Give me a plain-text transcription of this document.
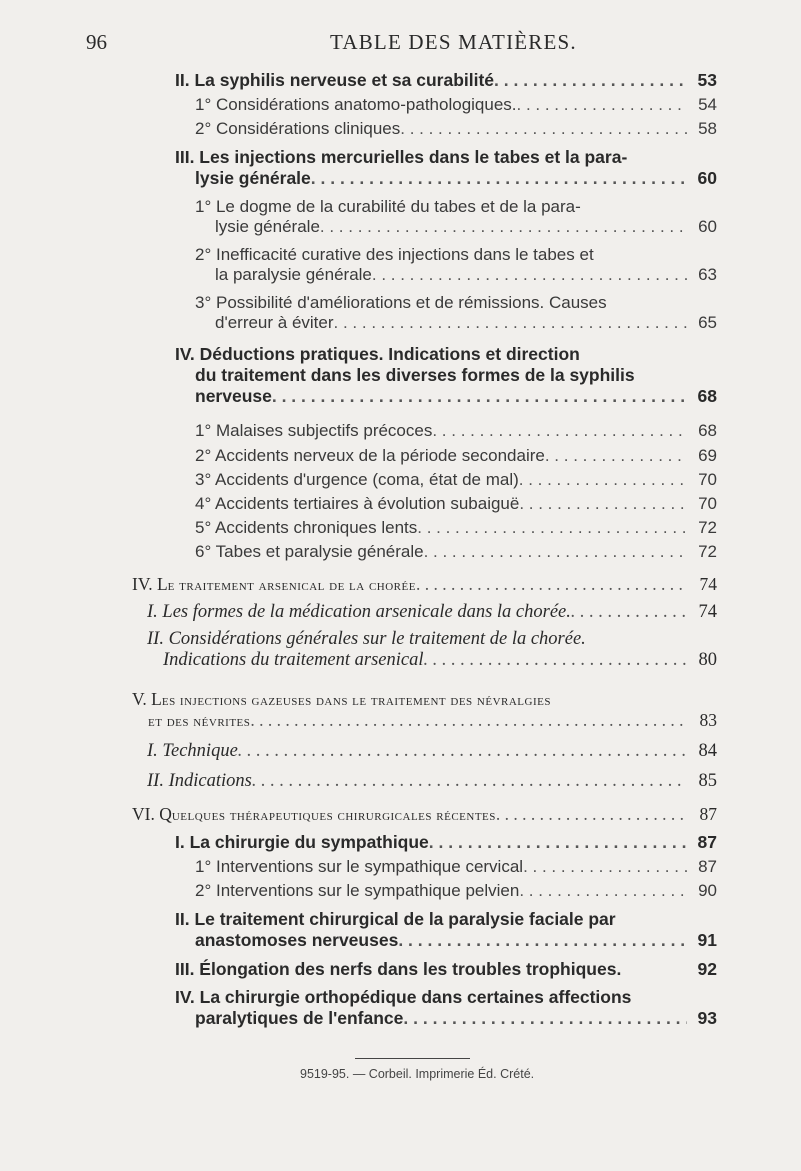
96	TABLE DES MATIÈRES.
II. La syphilis nerveuse et sa curabilité . . .	53
1° Considérations anatomo-pathologiques. . . .	54
2° Considérations cliniques . . .	58
III. Les injections mercurielles dans le tabes et la para-
lysie générale . . .	60
1° Le dogme de la curabilité du tabes et de la para-
lysie générale . . .	60
2° Inefficacité curative des injections dans le tabes et
la paralysie générale . . .	63
3° Possibilité d'améliorations et de rémissions. Causes
d'erreur à éviter . . .	65
IV. Déductions pratiques. Indications et direction
du traitement dans les diverses formes de la syphilis
nerveuse . . .	68
1° Malaises subjectifs précoces . . .	68
2° Accidents nerveux de la période secondaire . . .	69
3° Accidents d'urgence (coma, état de mal) . . .	70
4° Accidents tertiaires à évolution subaiguë . . .	70
5° Accidents chroniques lents . . .	72
6° Tabes et paralysie générale . . .	72
IV. Le traitement arsenical de la chorée . . .	74
I. Les formes de la médication arsenicale dans la chorée. . . .	74
II. Considérations générales sur le traitement de la chorée.
Indications du traitement arsenical . . .	80
V. Les injections gazeuses dans le traitement des névralgies
et des névrites . . .	83
I. Technique . . .	84
II. Indications . . .	85
VI. Quelques thérapeutiques chirurgicales récentes . . .	87
I. La chirurgie du sympathique . . .	87
1° Interventions sur le sympathique cervical . . .	87
2° Interventions sur le sympathique pelvien . . .	90
II. Le traitement chirurgical de la paralysie faciale par
anastomoses nerveuses . . .	91
III. Élongation des nerfs dans les troubles trophiques.	92
IV. La chirurgie orthopédique dans certaines affections
paralytiques de l'enfance . . .	93
9519-95. — Corbeil. Imprimerie Éd. Crété.
